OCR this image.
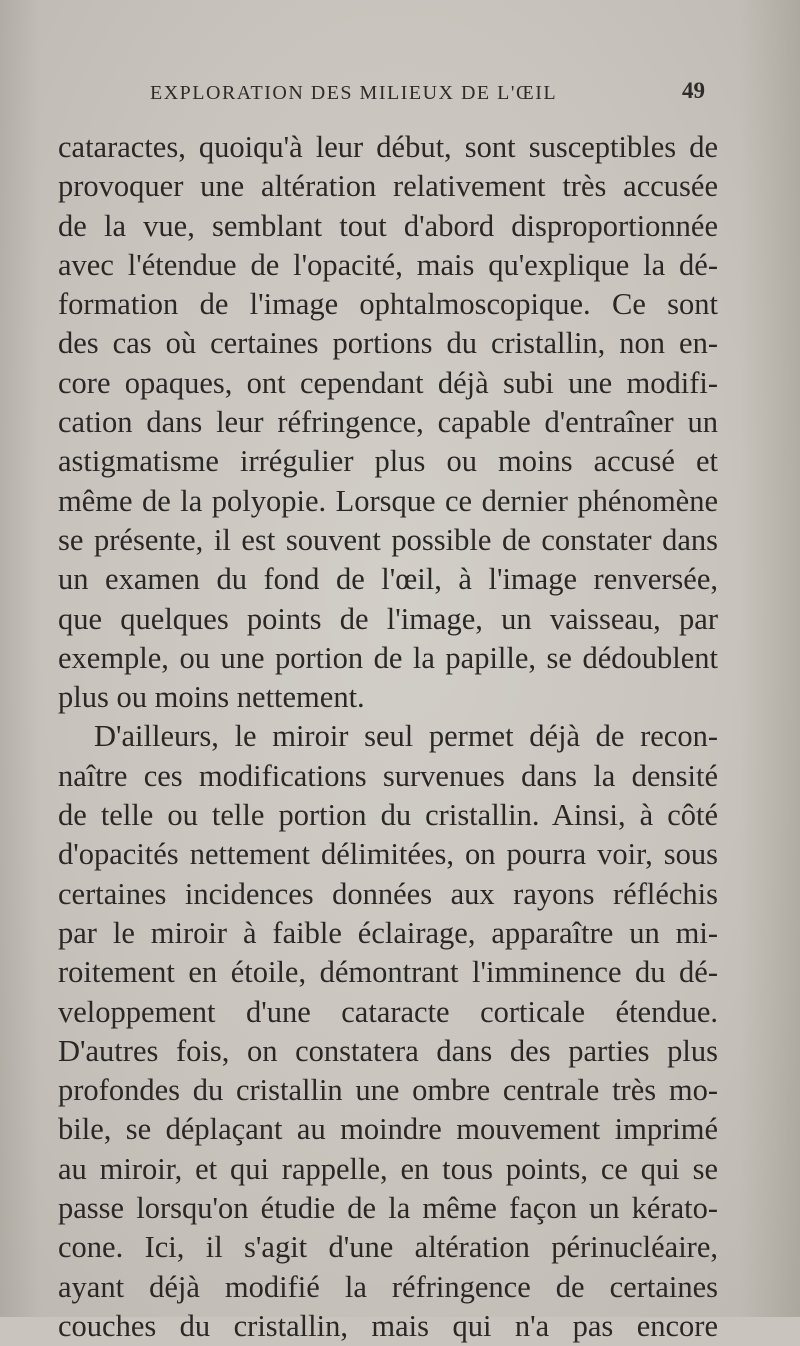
EXPLORATION DES MILIEUX DE L'ŒIL	49
cataractes, quoiqu'à leur début, sont susceptibles de
provoquer une altération relativement très accusée
de la vue, semblant tout d'abord disproportionnée
avec l'étendue de l'opacité, mais qu'explique la dé-
formation de l'image ophtalmoscopique. Ce sont
des cas où certaines portions du cristallin, non en-
core opaques, ont cependant déjà subi une modifi-
cation dans leur réfringence, capable d'entraîner un
astigmatisme irrégulier plus ou moins accusé et
même de la polyopie. Lorsque ce dernier phénomène
se présente, il est souvent possible de constater dans
un examen du fond de l'œil, à l'image renversée,
que quelques points de l'image, un vaisseau, par
exemple, ou une portion de la papille, se dédoublent
plus ou moins nettement.
D'ailleurs, le miroir seul permet déjà de recon-
naître ces modifications survenues dans la densité
de telle ou telle portion du cristallin. Ainsi, à côté
d'opacités nettement délimitées, on pourra voir, sous
certaines incidences données aux rayons réfléchis
par le miroir à faible éclairage, apparaître un mi-
roitement en étoile, démontrant l'imminence du dé-
veloppement d'une cataracte corticale étendue.
D'autres fois, on constatera dans des parties plus
profondes du cristallin une ombre centrale très mo-
bile, se déplaçant au moindre mouvement imprimé
au miroir, et qui rappelle, en tous points, ce qui se
passe lorsqu'on étudie de la même façon un kérato-
cone. Ici, il s'agit d'une altération périnucléaire,
ayant déjà modifié la réfringence de certaines
couches du cristallin, mais qui n'a pas encore
